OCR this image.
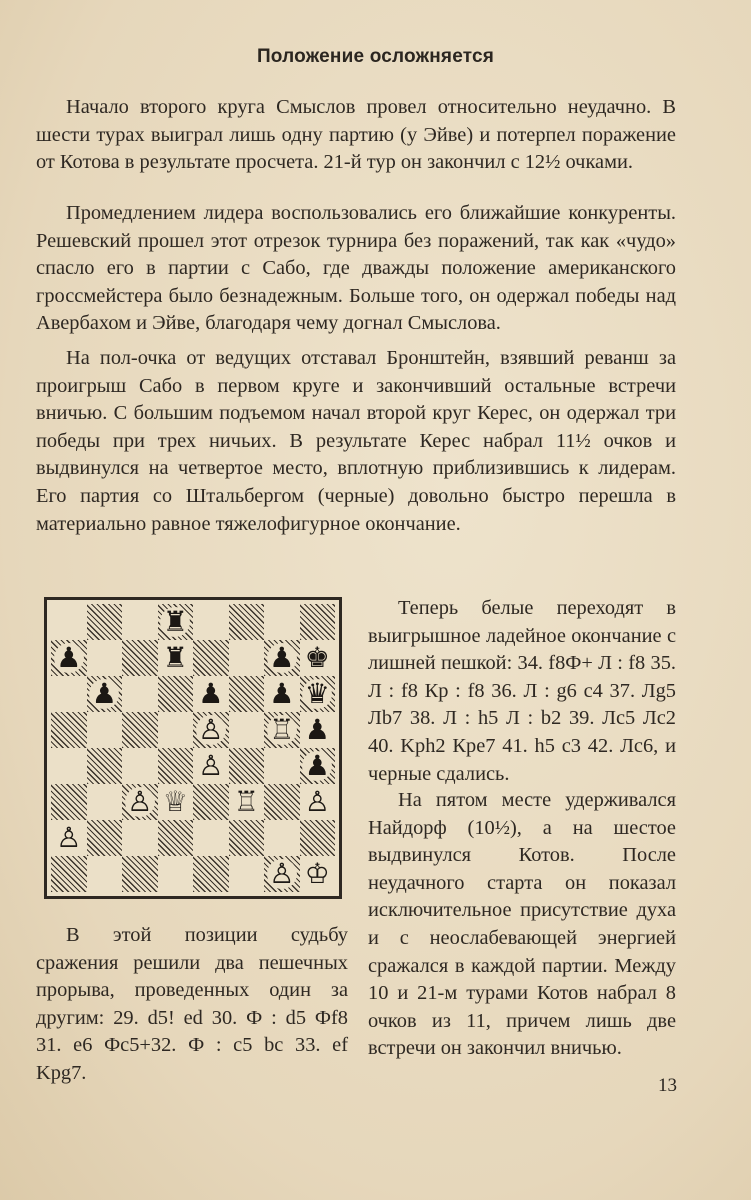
Положение осложняется

Начало второго круга Смыслов провел относительно неудачно. В шести турах выиграл лишь одну партию (у Эйве) и потерпел поражение от Котова в результате просчета. 21-й тур он закончил с 12½ очками.

Промедлением лидера воспользовались его ближайшие конкуренты. Решевский прошел этот отрезок турнира без поражений, так как «чудо» спасло его в партии с Сабо, где дважды положение американского гроссмейстера было безнадежным. Больше того, он одержал победы над Авербахом и Эйве, благодаря чему догнал Смыслова.

На пол-очка от ведущих отставал Бронштейн, взявший реванш за проигрыш Сабо в первом круге и закончивший остальные встречи вничью. С большим подъемом начал второй круг Керес, он одержал три победы при трех ничьих. В результате Керес набрал 11½ очков и выдвинулся на четвертое место, вплотную приблизившись к лидерам. Его партия со Штальбергом (черные) довольно быстро перешла в материально равное тяжелофигурное окончание.

♜
♟	♜	♟ ♚
♟	♟ ♟ ♛
♙ ♖ ♟
♙	♟
♙ ♕ ♖ ♙
♙
♙ ♔

В этой позиции судьбу сражения решили два пешечных прорыва, проведенных один за другим: 29. d5! ed 30. Ф : d5 Фf8 31. e6 Фс5+32. Ф : c5 bc 33. ef Kpg7.

Теперь белые переходят в выигрышное ладейное окончание с лишней пешкой: 34. f8Ф+ Л : f8 35. Л : f8 Кр : f8 36. Л : g6 c4 37. Лg5 Лb7 38. Л : h5 Л : b2 39. Лс5 Лс2 40. Kph2 Кре7 41. h5 c3 42. Лс6, и черные сдались.

На пятом месте удерживался Найдорф (10½), а на шестое выдвинулся Котов. После неудачного старта он показал исключительное присутствие духа и с неослабевающей энергией сражался в каждой партии. Между 10 и 21-м турами Котов набрал 8 очков из 11, причем лишь две встречи он закончил вничью.

13
